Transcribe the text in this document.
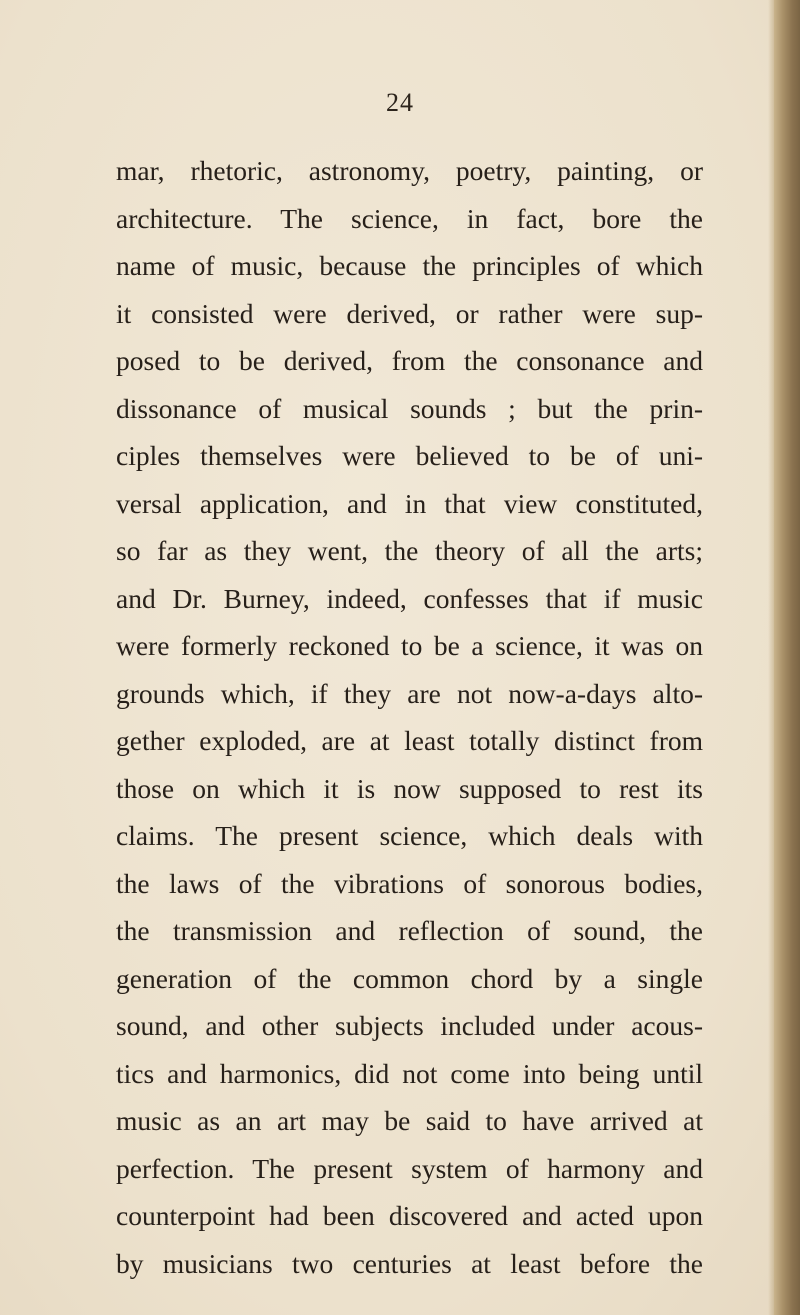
24
mar, rhetoric, astronomy, poetry, painting, or
architecture. The science, in fact, bore the
name of music, because the principles of which
it consisted were derived, or rather were sup-
posed to be derived, from the consonance and
dissonance of musical sounds ; but the prin-
ciples themselves were believed to be of uni-
versal application, and in that view constituted,
so far as they went, the theory of all the arts;
and Dr. Burney, indeed, confesses that if music
were formerly reckoned to be a science, it was on
grounds which, if they are not now-a-days alto-
gether exploded, are at least totally distinct from
those on which it is now supposed to rest its
claims. The present science, which deals with
the laws of the vibrations of sonorous bodies,
the transmission and reflection of sound, the
generation of the common chord by a single
sound, and other subjects included under acous-
tics and harmonics, did not come into being until
music as an art may be said to have arrived at
perfection. The present system of harmony and
counterpoint had been discovered and acted upon
by musicians two centuries at least before the
